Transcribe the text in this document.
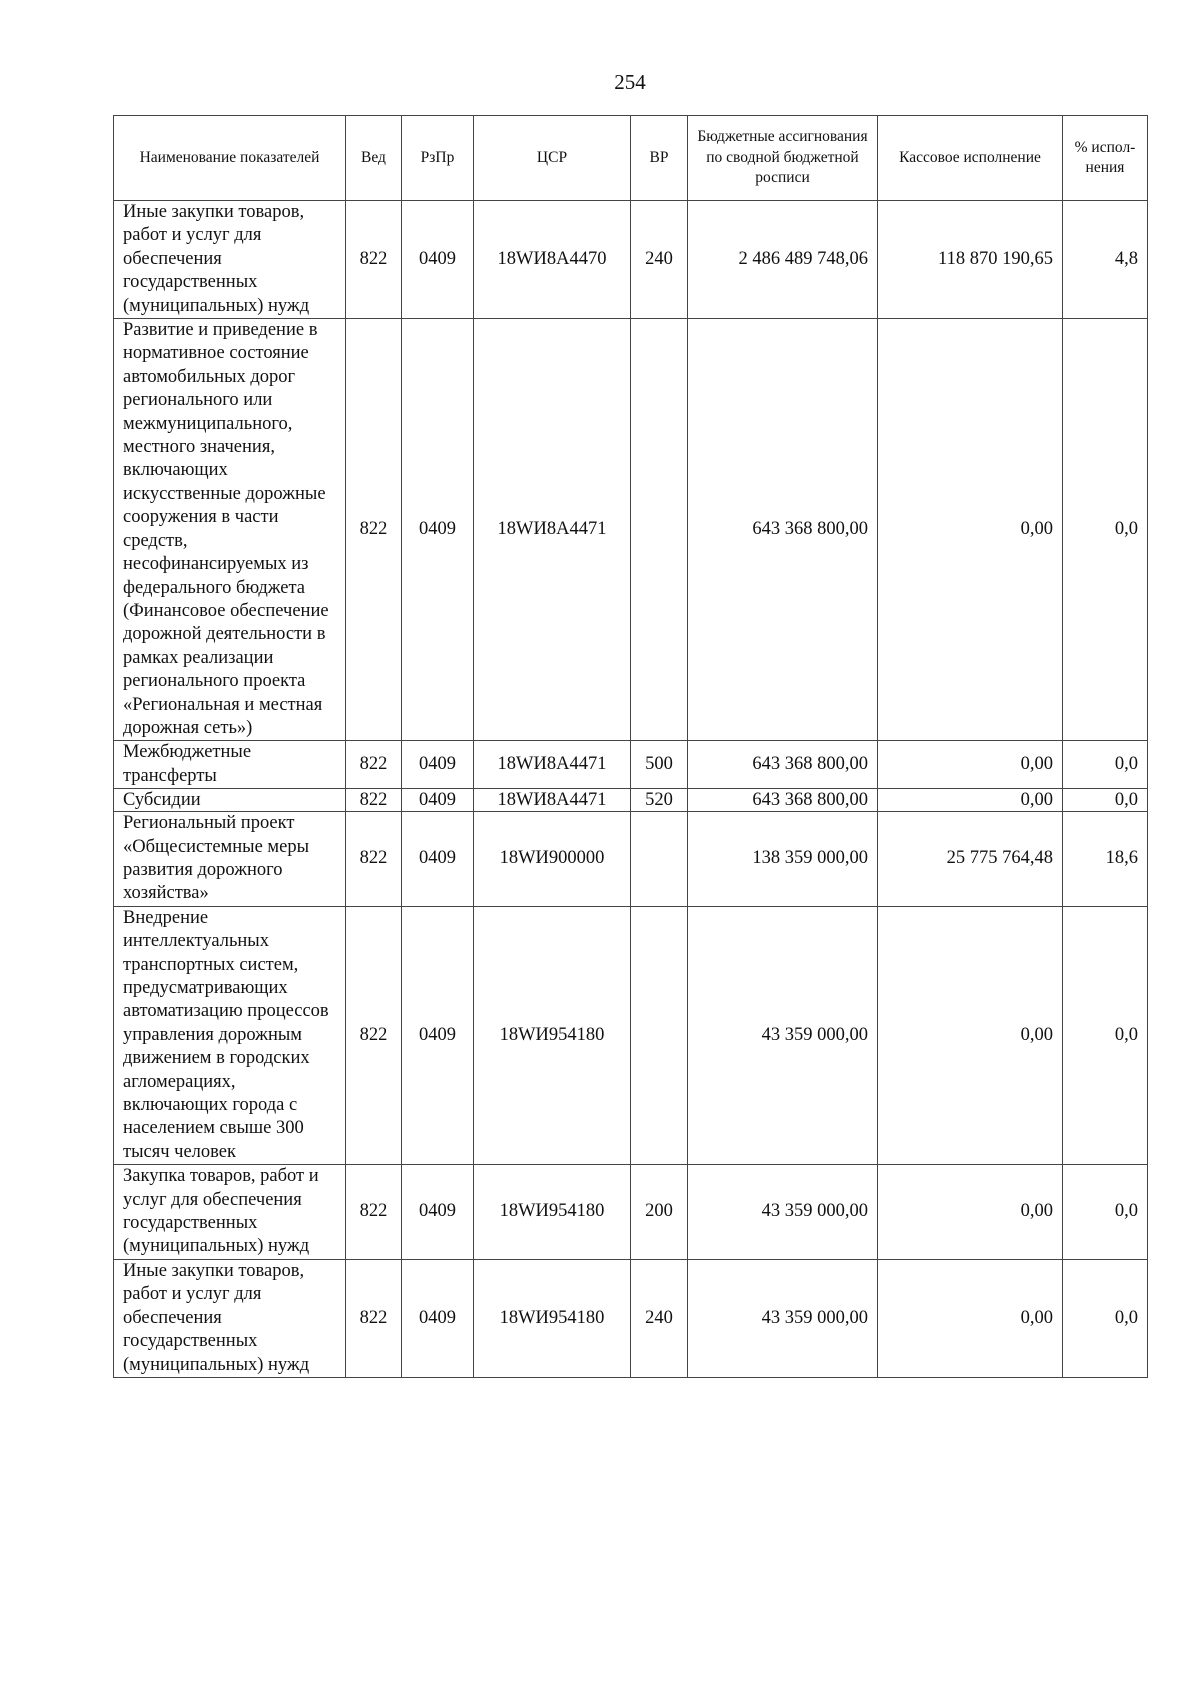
254
Наименование показателей	Вед	РзПр	ЦСР	ВР	Бюджетные ассигнования по сводной бюджетной росписи	Кассовое исполнение	% испол-нения
Иные закупки товаров, работ и услуг для обеспечения государственных (муниципальных) нужд	822	0409	18WИ8А4470	240	2 486 489 748,06	118 870 190,65	4,8
Развитие и приведение в нормативное состояние автомобильных дорог регионального или межмуниципального, местного значения, включающих искусственные дорожные сооружения в части средств, несофинансируемых из федерального бюджета (Финансовое обеспечение дорожной деятельности в рамках реализации регионального проекта «Региональная и местная дорожная сеть»)	822	0409	18WИ8А4471		643 368 800,00	0,00	0,0
Межбюджетные трансферты	822	0409	18WИ8А4471	500	643 368 800,00	0,00	0,0
Субсидии	822	0409	18WИ8А4471	520	643 368 800,00	0,00	0,0
Региональный проект «Общесистемные меры развития дорожного хозяйства»	822	0409	18WИ900000		138 359 000,00	25 775 764,48	18,6
Внедрение интеллектуальных транспортных систем, предусматривающих автоматизацию процессов управления дорожным движением в городских агломерациях, включающих города с населением свыше 300 тысяч человек	822	0409	18WИ954180		43 359 000,00	0,00	0,0
Закупка товаров, работ и услуг для обеспечения государственных (муниципальных) нужд	822	0409	18WИ954180	200	43 359 000,00	0,00	0,0
Иные закупки товаров, работ и услуг для обеспечения государственных (муниципальных) нужд	822	0409	18WИ954180	240	43 359 000,00	0,00	0,0
